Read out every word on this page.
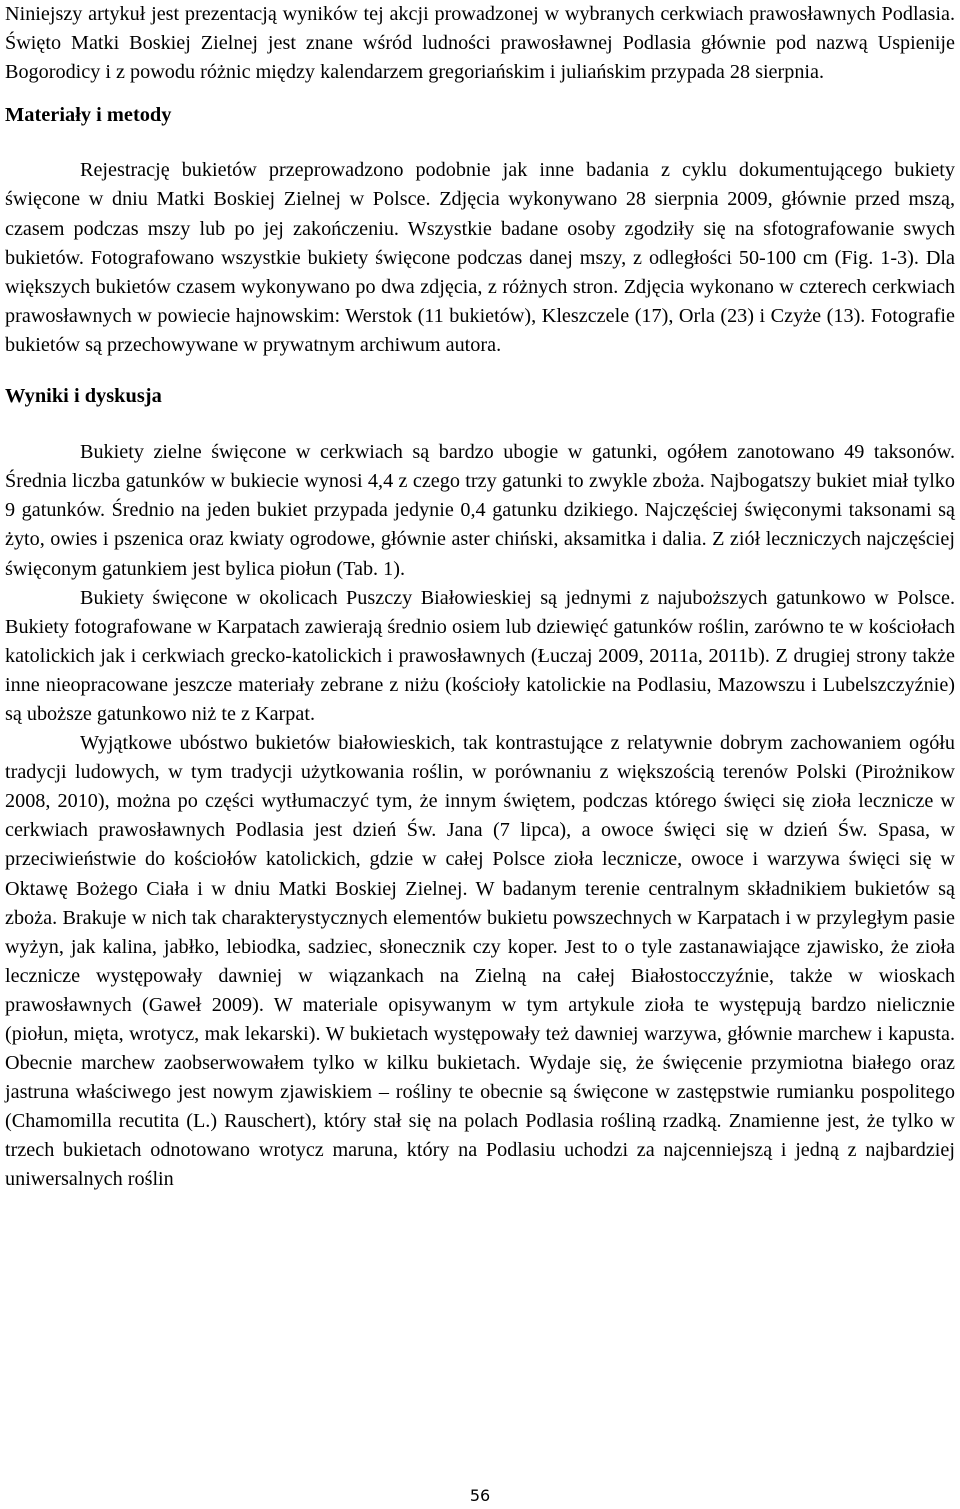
Niniejszy artykuł jest prezentacją wyników tej akcji prowadzonej w wybranych cerkwiach prawosławnych Podlasia. Święto Matki Boskiej Zielnej jest znane wśród ludności prawosławnej Podlasia głównie pod nazwą Uspienije Bogorodicy i z powodu różnic między kalendarzem gregoriańskim i juliańskim przypada 28 sierpnia.

Materiały i metody

Rejestrację bukietów przeprowadzono podobnie jak inne badania z cyklu dokumentującego bukiety święcone w dniu Matki Boskiej Zielnej w Polsce. Zdjęcia wykonywano 28 sierpnia 2009, głównie przed mszą, czasem podczas mszy lub po jej zakończeniu. Wszystkie badane osoby zgodziły się na sfotografowanie swych bukietów. Fotografowano wszystkie bukiety święcone podczas danej mszy, z odległości 50-100 cm (Fig. 1-3). Dla większych bukietów czasem wykonywano po dwa zdjęcia, z różnych stron. Zdjęcia wykonano w czterech cerkwiach prawosławnych w powiecie hajnowskim: Werstok (11 bukietów), Kleszczele (17), Orla (23) i Czyże (13). Fotografie bukietów są przechowywane w prywatnym archiwum autora.

Wyniki i dyskusja

Bukiety zielne święcone w cerkwiach są bardzo ubogie w gatunki, ogółem zanotowano 49 taksonów. Średnia liczba gatunków w bukiecie wynosi 4,4 z czego trzy gatunki to zwykle zboża. Najbogatszy bukiet miał tylko 9 gatunków. Średnio na jeden bukiet przypada jedynie 0,4 gatunku dzikiego. Najczęściej święconymi taksonami są żyto, owies i pszenica oraz kwiaty ogrodowe, głównie aster chiński, aksamitka i dalia. Z ziół leczniczych najczęściej święconym gatunkiem jest bylica piołun (Tab. 1).

Bukiety święcone w okolicach Puszczy Białowieskiej są jednymi z najuboższych gatunkowo w Polsce. Bukiety fotografowane w Karpatach zawierają średnio osiem lub dziewięć gatunków roślin, zarówno te w kościołach katolickich jak i cerkwiach grecko-katolickich i prawosławnych (Łuczaj 2009, 2011a, 2011b). Z drugiej strony także inne nieopracowane jeszcze materiały zebrane z niżu (kościoły katolickie na Podlasiu, Mazowszu i Lubelszczyźnie) są uboższe gatunkowo niż te z Karpat.

Wyjątkowe ubóstwo bukietów białowieskich, tak kontrastujące z relatywnie dobrym zachowaniem ogółu tradycji ludowych, w tym tradycji użytkowania roślin, w porównaniu z większością terenów Polski (Pirożnikow 2008, 2010), można po części wytłumaczyć tym, że innym świętem, podczas którego święci się zioła lecznicze w cerkwiach prawosławnych Podlasia jest dzień Św. Jana (7 lipca), a owoce święci się w dzień Św. Spasa, w przeciwieństwie do kościołów katolickich, gdzie w całej Polsce zioła lecznicze, owoce i warzywa święci się w Oktawę Bożego Ciała i w dniu Matki Boskiej Zielnej. W badanym terenie centralnym składnikiem bukietów są zboża. Brakuje w nich tak charakterystycznych elementów bukietu powszechnych w Karpatach i w przyległym pasie wyżyn, jak kalina, jabłko, lebiodka, sadziec, słonecznik czy koper. Jest to o tyle zastanawiające zjawisko, że zioła lecznicze występowały dawniej w wiązankach na Zielną na całej Białostocczyźnie, także w wioskach prawosławnych (Gaweł 2009). W materiale opisywanym w tym artykule zioła te występują bardzo nielicznie (piołun, mięta, wrotycz, mak lekarski). W bukietach występowały też dawniej warzywa, głównie marchew i kapusta. Obecnie marchew zaobserwowałem tylko w kilku bukietach. Wydaje się, że święcenie przymiotna białego oraz jastruna właściwego jest nowym zjawiskiem – rośliny te obecnie są święcone w zastępstwie rumianku pospolitego (Chamomilla recutita (L.) Rauschert), który stał się na polach Podlasia rośliną rzadką. Znamienne jest, że tylko w trzech bukietach odnotowano wrotycz maruna, który na Podlasiu uchodzi za najcenniejszą i jedną z najbardziej uniwersalnych roślin

56
